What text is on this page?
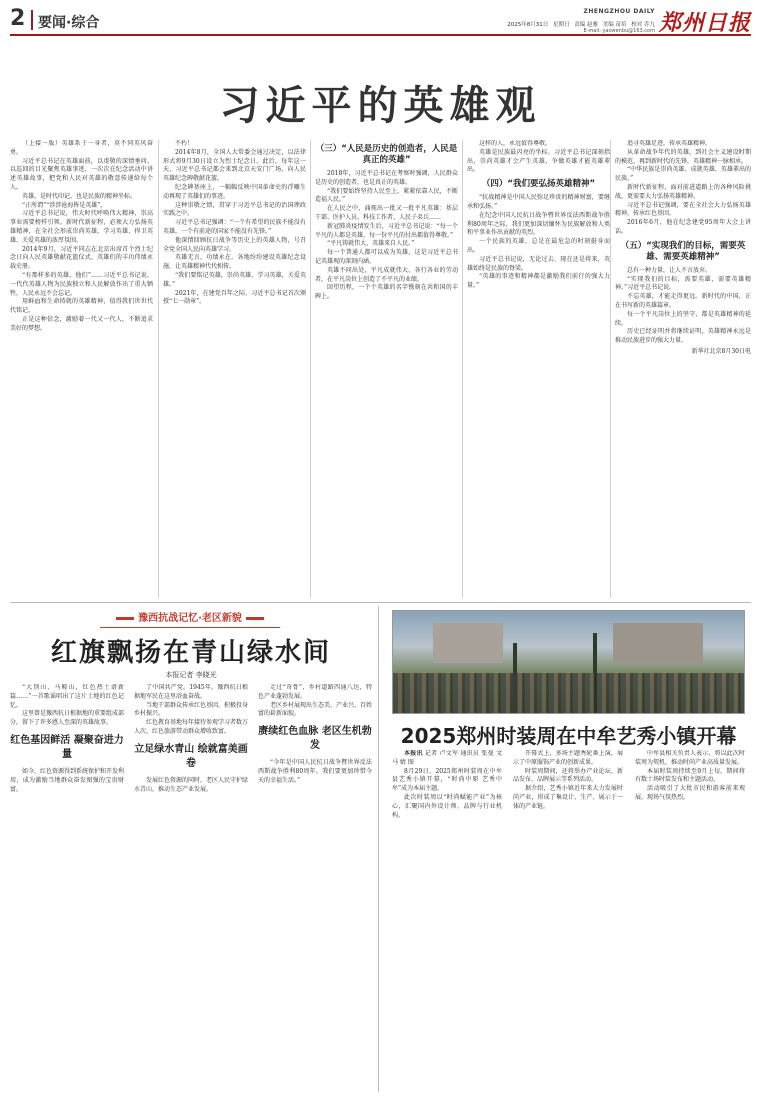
2 要闻·综合
ZHENGZHOU DAILY
2025年8月31日 星期日 责编 赵雅 美编 苗培 校对 乔九
E-mail: yaowenbu@163.com 郑州日报
习近平的英雄观

（上接一版）英雄系于一身者，莫不同英风奋勇。

习近平总书记在英雄面前，以虔敬的深情垂问、以巡回的目光聚焦英雄事迹，一次次在纪念活动中讲述英雄故事，把党和人民对英雄的敬意传递给每个人。

英雄，是时代印记，也是民族的精神坐标。

“正所谓”“涉涉沧海皆是英雄”，

习近平总书记说，伟大时代呼唤伟大精神，崇高事业需要榜样引领。新时代新征程，必须大力弘扬英雄精神，在全社会形成崇尚英雄、学习英雄、捍卫英雄、关爱英雄的浓厚氛围。

2014年9月，习近平同志在北京出席首个烈士纪念日向人民英雄敬献花篮仪式，英雄们的丰功伟绩永载史册。

“有那样多的英雄，他们”……习近平总书记说，一代代英雄人物为民族独立和人民解放作出了重大牺牲，人民永远不会忘记。

用鲜血和生命铸就的英雄精神，值得我们世世代代铭记。

正是这种信念，激励着一代又一代人，不断追求美好的梦想。

不朽！

2014年8月，全国人大常委会通过决定，以法律形式将9月30日设立为烈士纪念日。此后，每年这一天，习近平总书记都会来到北京天安门广场，向人民英雄纪念碑敬献花篮。

纪念碑基座上，一幅幅反映中国革命史的浮雕生动再现了英雄们的事迹。

这种崇敬之情，贯穿于习近平总书记的治国理政实践之中。

习近平总书记强调：“一个有希望的民族不能没有英雄，一个有前途的国家不能没有先锋。”

他深情回顾抗日战争等历史上的英雄人物，号召全党全国人民向英雄学习。

英雄无言，功绩永在。各地纷纷建设英雄纪念设施，让英雄精神代代相传。

“我们要铭记英雄，崇尚英雄，学习英雄，关爱英雄。”

2021年，在建党百年之际，习近平总书记首次颁授“七一勋章”。

（三）“人民是历史的创造者，人民是真正的英雄”

2018年，习近平总书记在考察时强调，人民群众是历史的创造者，也是真正的英雄。

“我们要始终坚持人民至上，紧紧依靠人民，不断造福人民。”

在人民之中，涌现出一批又一批平凡英雄：基层干部、医护人员、科技工作者、人民子弟兵……

新冠肺炎疫情发生后，习近平总书记说：“每一个平凡的人都是英雄，每一份平凡的付出都值得尊敬。”

“平凡铸就伟大，英雄来自人民。”

每一个普通人都可以成为英雄，这是习近平总书记英雄观的深刻内涵。

英雄不问出处，平凡成就伟大。各行各业的劳动者，在平凡岗位上创造了不平凡的业绩。

回望历程，一个个英雄的名字镌刻在共和国的丰碑上。

这样的人，永远值得尊敬。

英雄是民族最闪亮的坐标。习近平总书记深刻指出，崇尚英雄才会产生英雄，争做英雄才能英雄辈出。

（四）“我们要弘扬英雄精神”

“抗战精神是中国人民弥足珍贵的精神财富，要继承和弘扬。”

在纪念中国人民抗日战争暨世界反法西斯战争胜利80周年之际，我们更加深切缅怀为民族解放和人类和平事业作出贡献的英烈。

一个民族的英雄，总是在最危急的时刻挺身而出。

习近平总书记说，无论过去、现在还是将来，英雄始终是民族的脊梁。

“英雄的事迹和精神都是激励我们前行的强大力量。”

追寻英雄足迹，传承英雄精神。

从革命战争年代的英雄，到社会主义建设时期的模范，再到新时代的先锋，英雄精神一脉相承。

“中华民族是崇尚英雄、成就英雄、英雄辈出的民族。”

新时代新征程，面对前进道路上的各种风险挑战，更需要大力弘扬英雄精神。

习近平总书记强调，要在全社会大力弘扬英雄精神，传承红色基因。

2016年6月，他在纪念建党95周年大会上讲话。

（五）“实现我们的目标，需要英雄、需要英雄精神”

总有一种力量，让人不言放弃。

“实现我们的目标，需要英雄，需要英雄精神。”习近平总书记说。

不忘英雄，才能走得更远。新时代的中国，正在书写新的英雄篇章。

每一个平凡岗位上的坚守，都是英雄精神的延续。

历史已经证明并将继续证明，英雄精神永远是推动民族进步的强大力量。

新华社北京8月30日电

豫西抗战记忆·老区新貌
红旗飘扬在青山绿水间
本报记者 李晓光

“大别山、马鞍山，红色热土谱新篇……”一首歌谣唱出了这片土地的红色记忆。

这里曾是豫西抗日根据地的重要组成部分，留下了许多感人至深的英雄故事。

红色基因鲜活 凝聚奋进力量

如今，红色资源得到系统保护和开发利用，成为激励当地群众奋发图强的宝贵财富。

了中国共产党。1945年，豫西抗日根据地军民在这里浴血奋战。

当地干部群众传承红色基因，积极投身乡村振兴。

红色教育基地每年接待参观学习者数万人次，红色旅游带动群众增收致富。

立足绿水青山 绘就富美画卷

发展红色资源的同时，老区人民守护绿水青山，推动生态产业发展。

走过“奇骨”，乡村道路四通八达，特色产业蓬勃发展。

老区乡村展现出生态美、产业兴、百姓富的崭新面貌。

赓续红色血脉 老区生机勃发

“今年是中国人民抗日战争暨世界反法西斯战争胜利80周年，我们要更加珍惜今天的幸福生活。”

2025郑州时装周在中牟艺秀小镇开幕

本报讯 记者 卢文军 通讯员 张曼 文 马 婧 图

8月29日，2025郑州时装周在中牟县艺秀小镇开幕，“时尚中原 艺秀中牟”成为本届主题。

此次时装周以“时尚赋能产业”为核心，汇聚国内外设计师、品牌与行业机构。

开幕式上，多场主题秀轮番上演，展示了中原服饰产业的创新成果。

时装周期间，还将举办产业论坛、新品发布、品牌展示等系列活动。

据介绍，艺秀小镇近年来大力发展时尚产业，形成了集设计、生产、展示于一体的产业链。

中牟县相关负责人表示，将以此次时装周为契机，推动时尚产业高质量发展。

本届时装周持续至9月上旬，期间将有数十场时装发布和主题活动。

活动吸引了大批市民和游客前来观展，现场气氛热烈。
